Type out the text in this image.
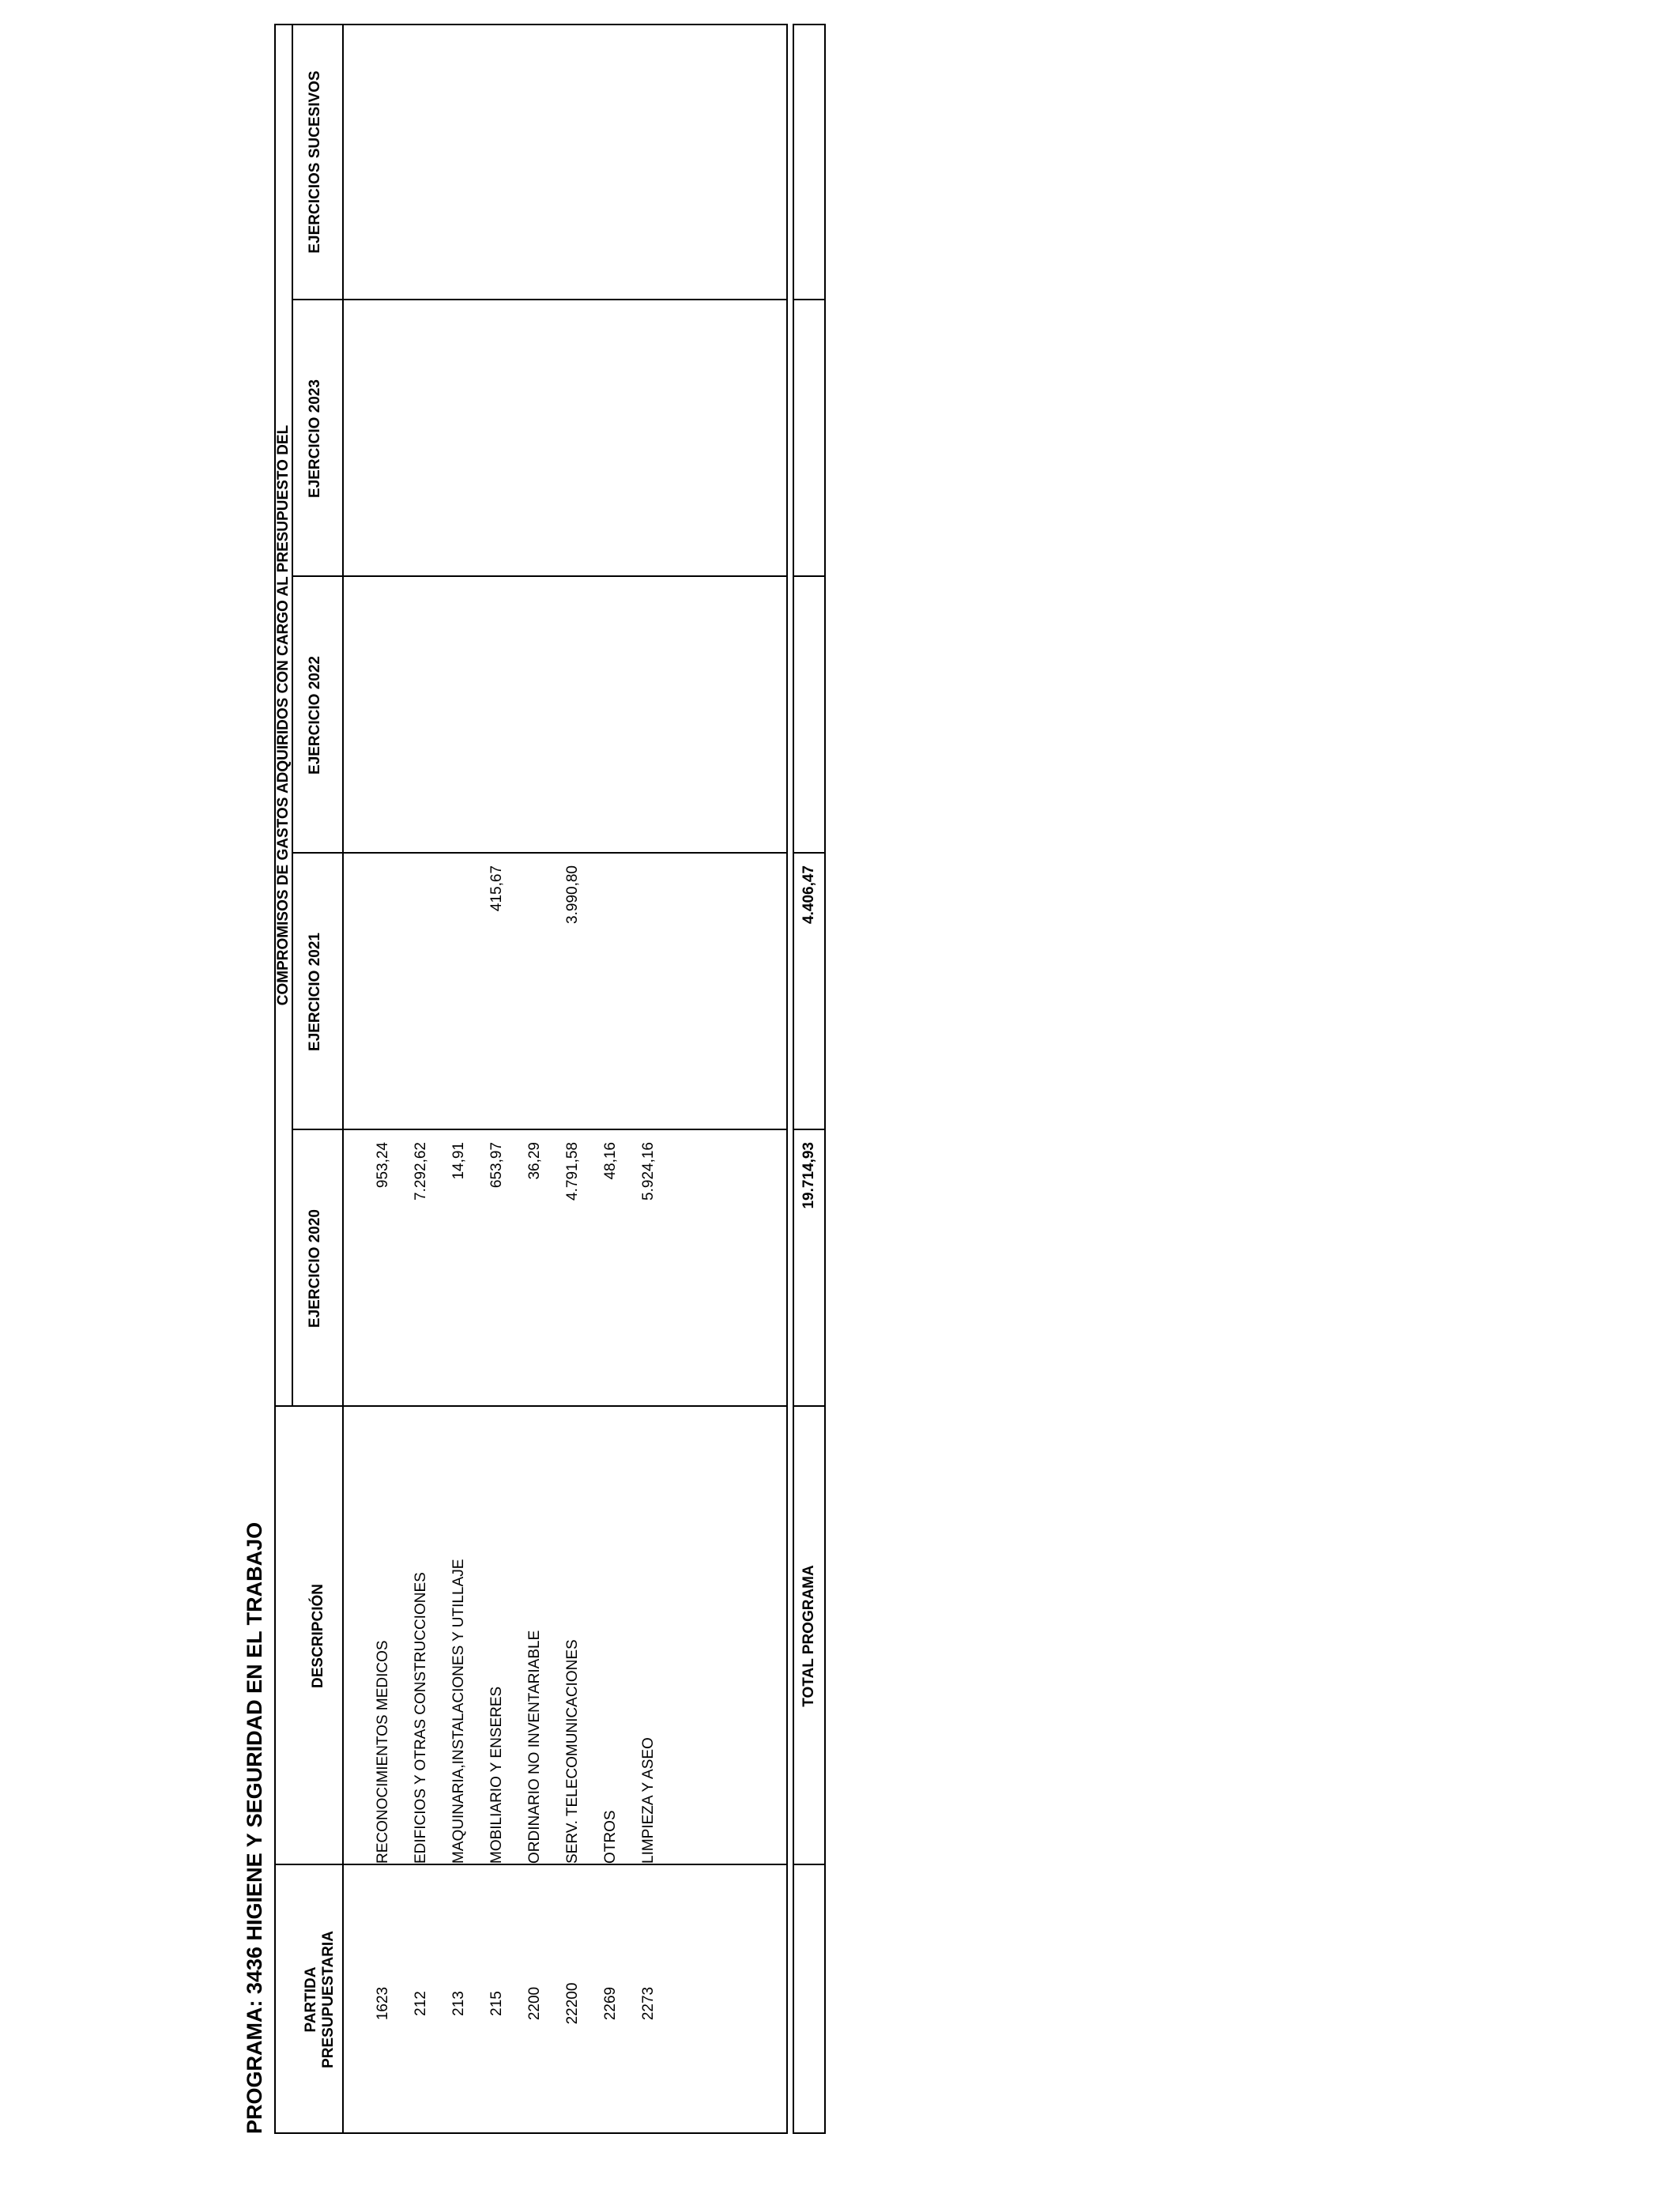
PROGRAMA: 3436 HIGIENE Y SEGURIDAD EN EL TRABAJO PARTIDA PRESUPUESTARIA
DESCRIPCIÓN
COMPROMISOS DE GASTOS ADQUIRIDOS CON CARGO AL PRESUPUESTO DEL
EJERCICIO 2020
EJERCICIO 2021
EJERCICIO 2022
EJERCICIO 2023
EJERCICIOS SUCESIVOS
1623
RECONOCIMIENTOS MEDICOS
953,24
212
EDIFICIOS Y OTRAS CONSTRUCCIONES
7.292,62
213
MAQUINARIA,INSTALACIONES Y UTILLAJE
14,91
215
MOBILIARIO Y ENSERES
653,97
415,67
2200
ORDINARIO NO INVENTARIABLE
36,29
22200
SERV. TELECOMUNICACIONES
4.791,58
3.990,80
2269
OTROS
48,16
2273
LIMPIEZA Y ASEO
5.924,16
TOTAL PROGRAMA
19.714,93
4.406,47
